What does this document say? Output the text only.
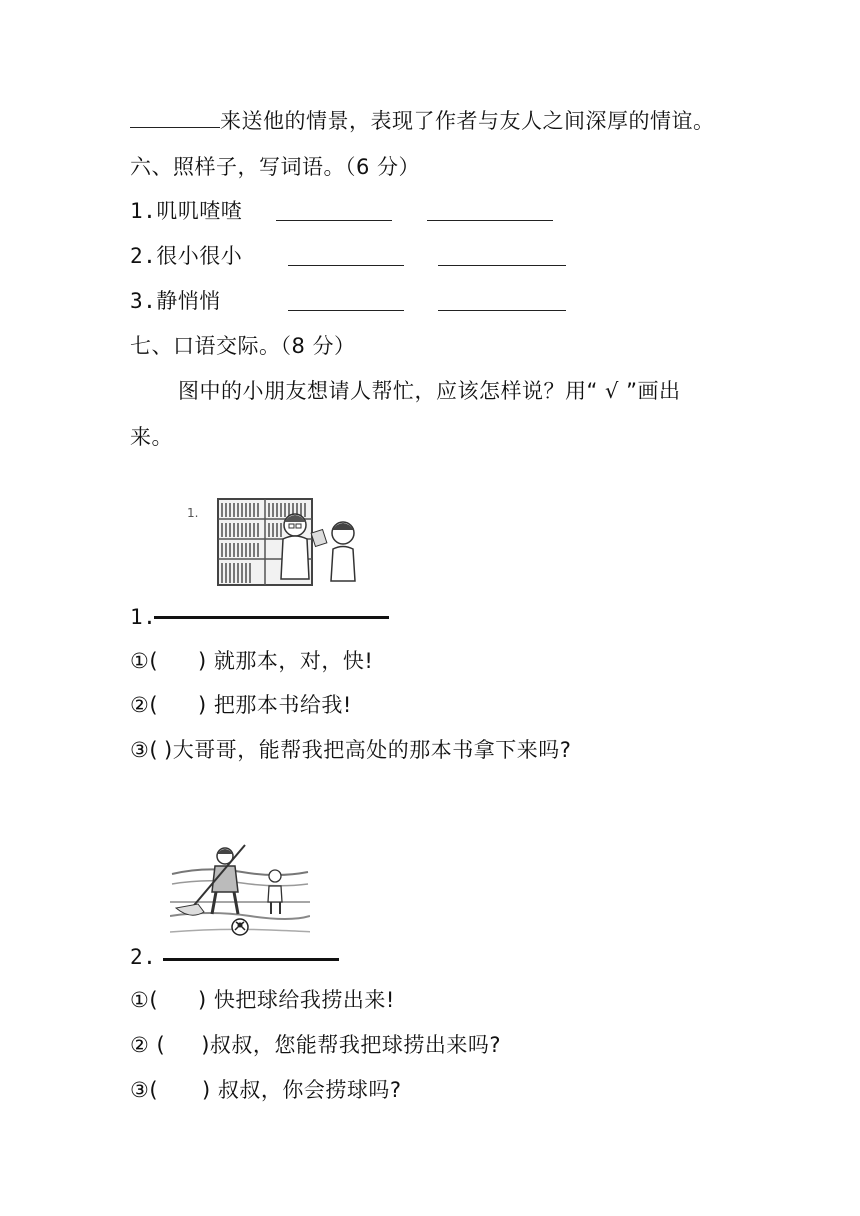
来送他的情景，表现了作者与友人之间深厚的情谊。
六、照样子，写词语。（6 分）
1.叽叽喳喳
2.很小很小
3.静悄悄
七、口语交际。（8 分）
图中的小朋友想请人帮忙，应该怎样说？用“ √ ”画出
来。
1.
1.
①( ) 就那本，对，快!
②( ) 把那本书给我!
③( )大哥哥，能帮我把高处的那本书拿下来吗?
2.
①( ) 快把球给我捞出来!
② ( )叔叔，您能帮我把球捞出来吗?
③( ) 叔叔，你会捞球吗?
